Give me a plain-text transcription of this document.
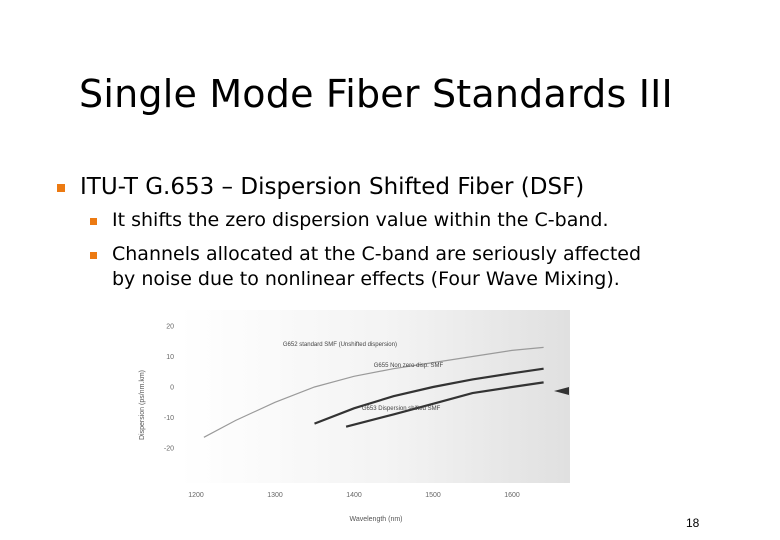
Single Mode Fiber Standards III
ITU-T G.653 – Dispersion Shifted Fiber (DSF)
It shifts the zero dispersion value within the C-band.
Channels allocated at the C-band are seriously affected
by noise due to nonlinear effects (Four Wave Mixing).
20
10
0
-10
-20
1200	1300	1400	1500	1600
G652 standard SMF (Unshifted dispersion)
G655 Non zero disp. SMF
G653 Dispersion shifted SMF
Dispersion (ps/nm.km)
Wavelength (nm)	18
